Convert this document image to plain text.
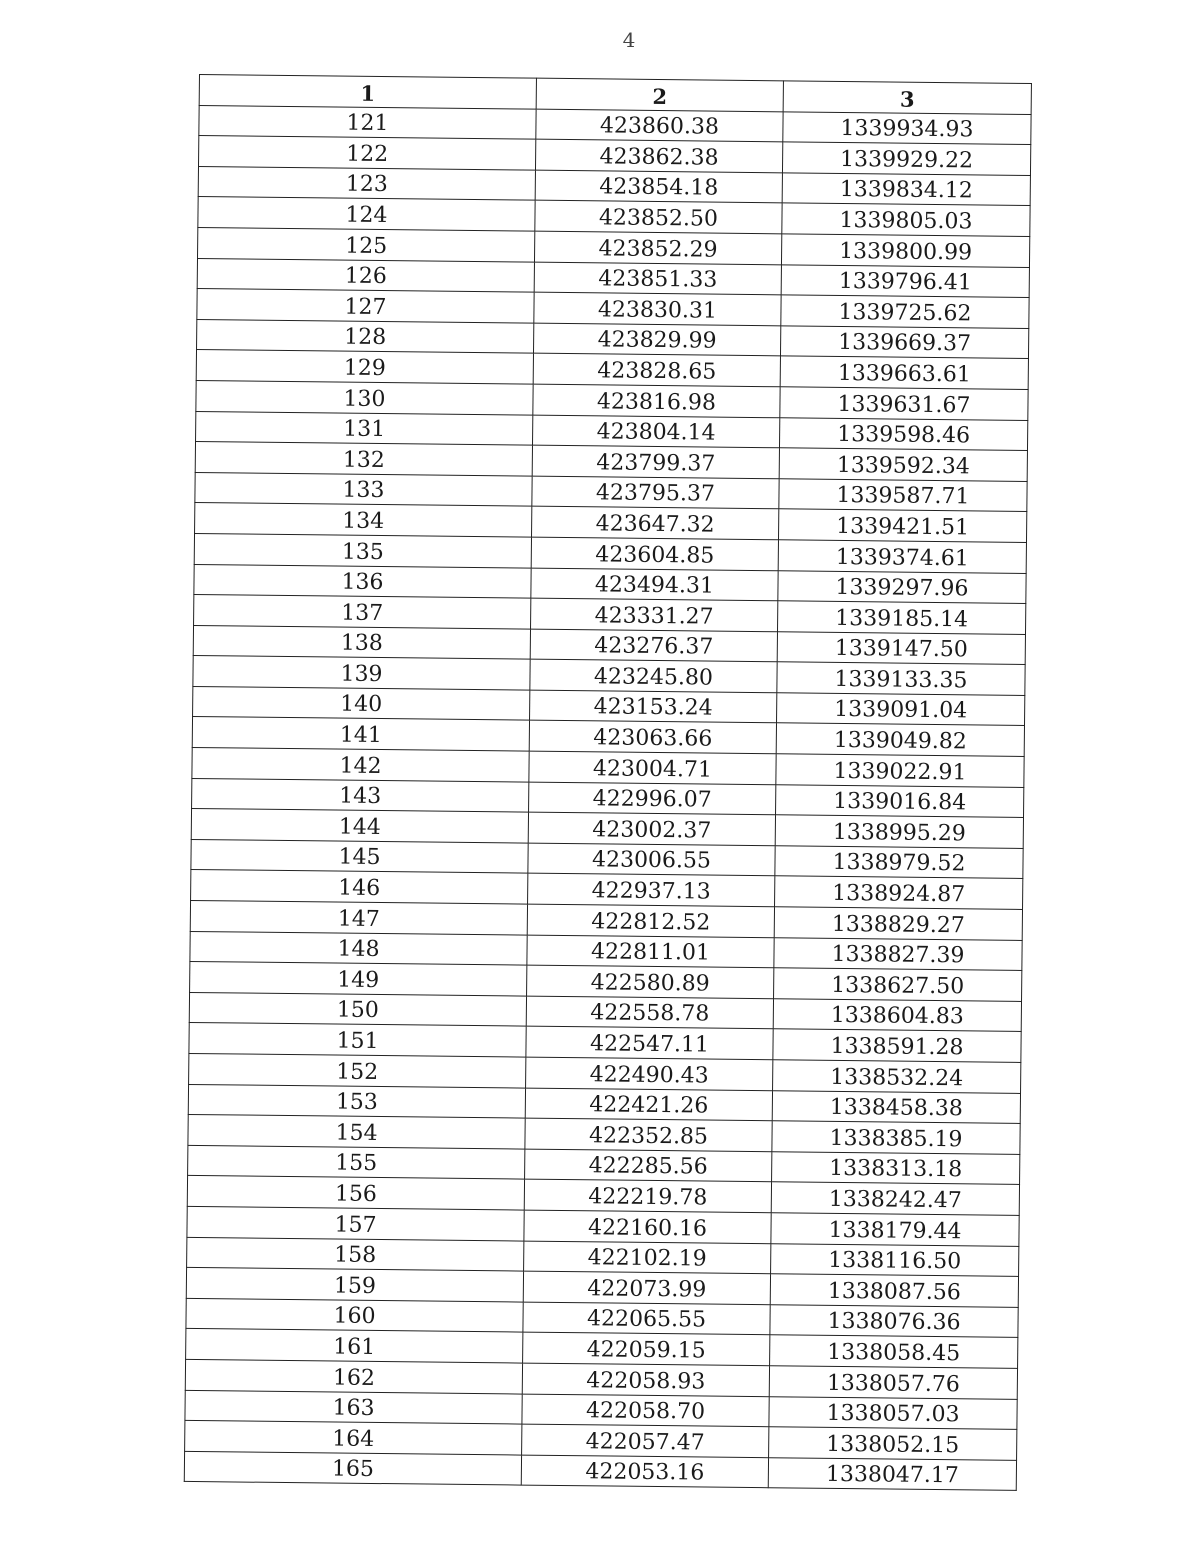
4
1	2	3
121	423860.38	1339934.93
122	423862.38	1339929.22
123	423854.18	1339834.12
124	423852.50	1339805.03
125	423852.29	1339800.99
126	423851.33	1339796.41
127	423830.31	1339725.62
128	423829.99	1339669.37
129	423828.65	1339663.61
130	423816.98	1339631.67
131	423804.14	1339598.46
132	423799.37	1339592.34
133	423795.37	1339587.71
134	423647.32	1339421.51
135	423604.85	1339374.61
136	423494.31	1339297.96
137	423331.27	1339185.14
138	423276.37	1339147.50
139	423245.80	1339133.35
140	423153.24	1339091.04
141	423063.66	1339049.82
142	423004.71	1339022.91
143	422996.07	1339016.84
144	423002.37	1338995.29
145	423006.55	1338979.52
146	422937.13	1338924.87
147	422812.52	1338829.27
148	422811.01	1338827.39
149	422580.89	1338627.50
150	422558.78	1338604.83
151	422547.11	1338591.28
152	422490.43	1338532.24
153	422421.26	1338458.38
154	422352.85	1338385.19
155	422285.56	1338313.18
156	422219.78	1338242.47
157	422160.16	1338179.44
158	422102.19	1338116.50
159	422073.99	1338087.56
160	422065.55	1338076.36
161	422059.15	1338058.45
162	422058.93	1338057.76
163	422058.70	1338057.03
164	422057.47	1338052.15
165	422053.16	1338047.17
